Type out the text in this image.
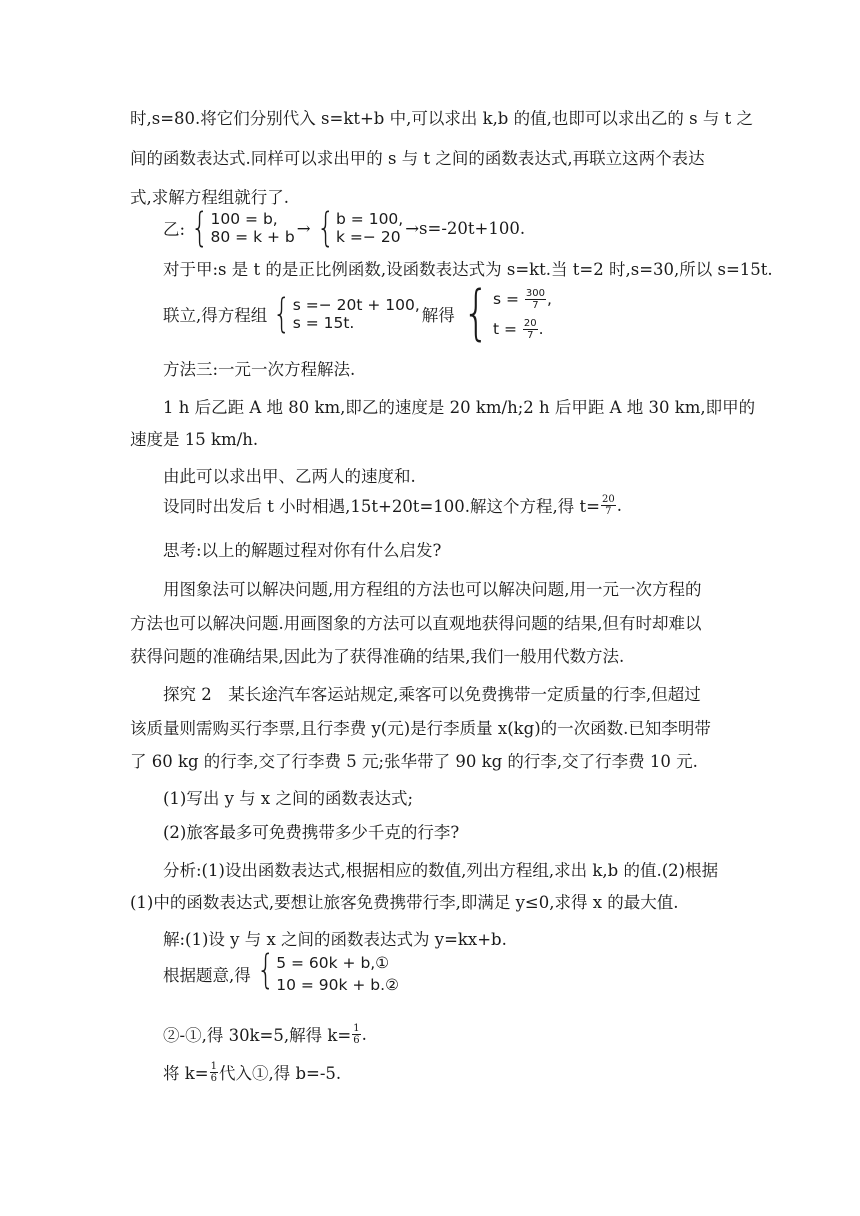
时,s=80.将它们分别代入 s=kt+b 中,可以求出 k,b 的值,也即可以求出乙的 s 与 t 之
间的函数表达式.同样可以求出甲的 s 与 t 之间的函数表达式,再联立这两个表达
式,求解方程组就行了.
乙: { 100 = b,
80 = k + b → { b = 100,
k =− 20 →s=-20t+100.
对于甲:s 是 t 的是正比例函数,设函数表达式为 s=kt.当 t=2 时,s=30,所以 s=15t.
联立,得方程组 { s =− 20t + 100,
s = 15t.	解得 { s =
$\frac{300}{7}$ ,
t =
$\frac{20}{7}$ .
方法三:一元一次方程解法.
1 h 后乙距 A 地 80 km,即乙的速度是 20 km/h;2 h 后甲距 A 地 30 km,即甲的
速度是 15 km/h.
由此可以求出甲、乙两人的速度和.
设同时出发后 t 小时相遇,15t+20t=100.解这个方程,得 $t= \frac{20}{7}$ .
思考:以上的解题过程对你有什么启发?
用图象法可以解决问题,用方程组的方法也可以解决问题,用一元一次方程的
方法也可以解决问题.用画图象的方法可以直观地获得问题的结果,但有时却难以
获得问题的准确结果,因此为了获得准确的结果,我们一般用代数方法.
探究 2　某长途汽车客运站规定,乘客可以免费携带一定质量的行李,但超过
该质量则需购买行李票,且行李费 y(元)是行李质量 x(kg)的一次函数.已知李明带
了 60 kg 的行李,交了行李费 5 元;张华带了 90 kg 的行李,交了行李费 10 元.
(1)写出 y 与 x 之间的函数表达式;
(2)旅客最多可免费携带多少千克的行李?
分析:(1)设出函数表达式,根据相应的数值,列出方程组,求出 k,b 的值.(2)根据
(1)中的函数表达式,要想让旅客免费携带行李,即满足 y≤0,求得 x 的最大值.
解:(1)设 y 与 x 之间的函数表达式为 y=kx+b.
根据题意,得 { 5 = 60k + b,①
10 = 90k + b.②
②-①,得 30k=5,解得 $k= \frac{1}{6}$ .
将 $k= \frac{1}{6}$ 代入①,得 b=-5.
